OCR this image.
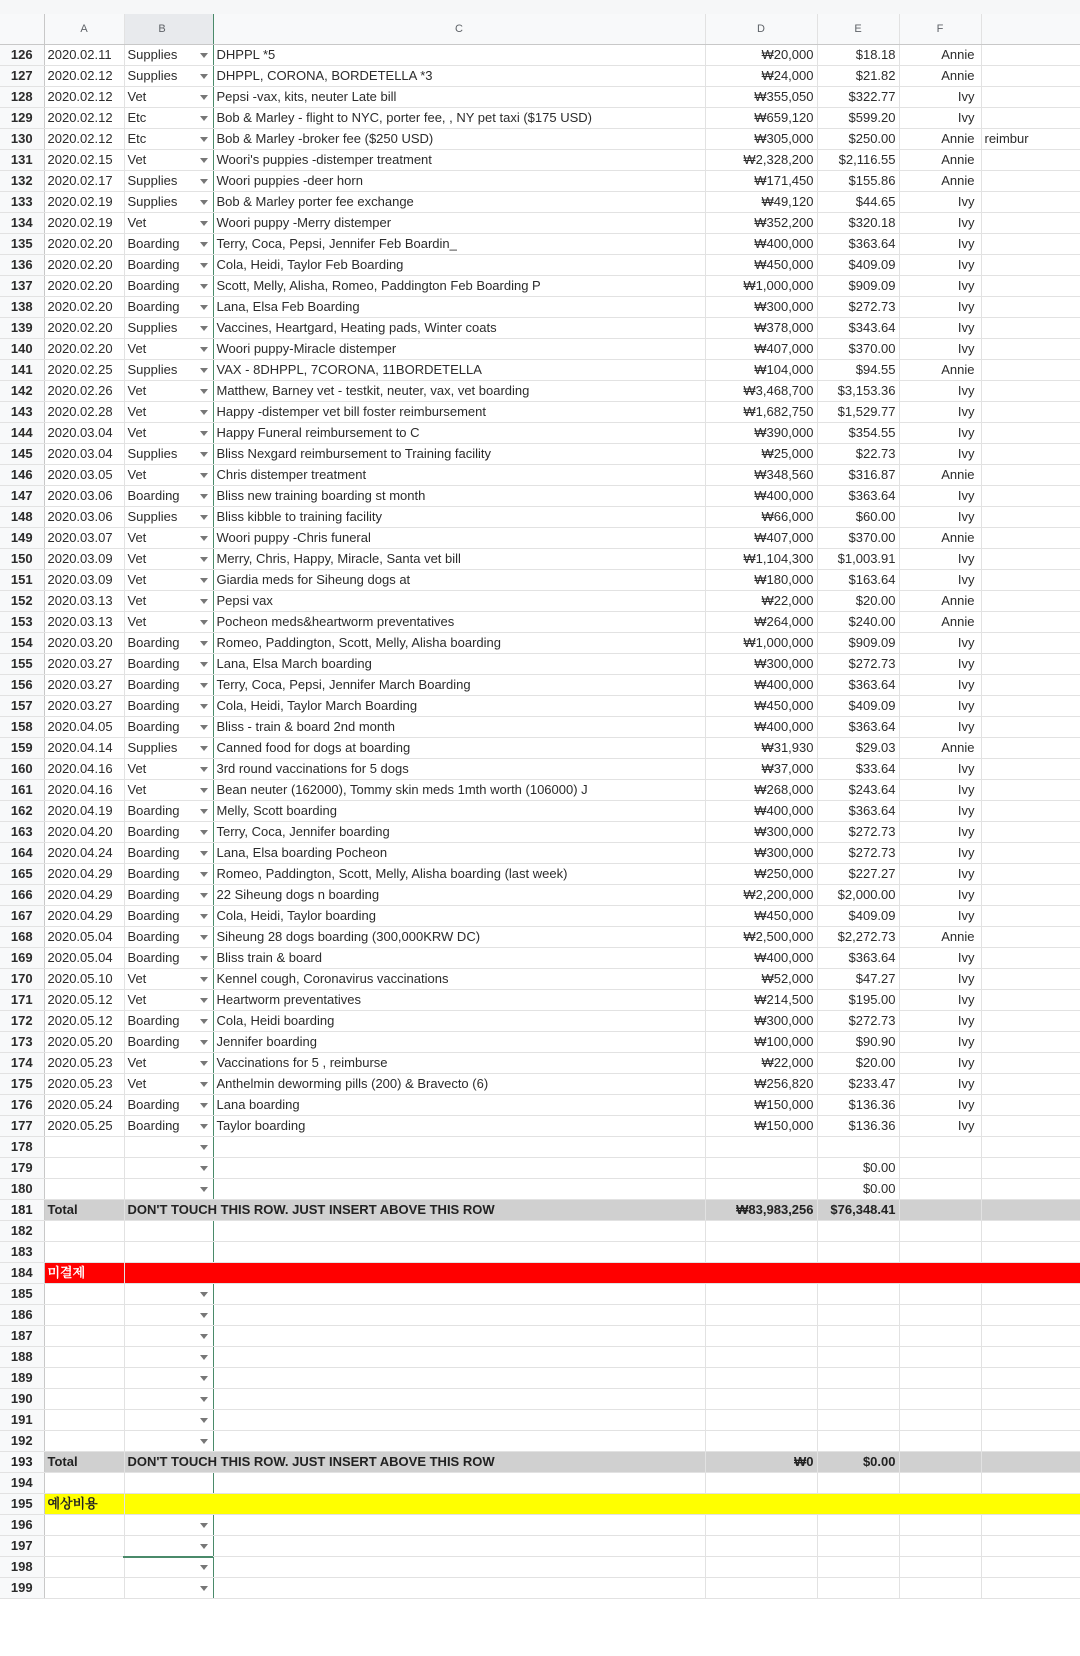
	A	B	C	D	E	F	
126	2020.02.11	Supplies	DHPPL *5	₩20,000	$18.18	Annie	
127	2020.02.12	Supplies	DHPPL, CORONA, BORDETELLA *3	₩24,000	$21.82	Annie	
128	2020.02.12	Vet	Pepsi -vax, kits, neuter Late bill	₩355,050	$322.77	Ivy	
129	2020.02.12	Etc	Bob & Marley - flight to NYC, porter fee, , NY pet taxi ($175 USD)	₩659,120	$599.20	Ivy	
130	2020.02.12	Etc	Bob & Marley -broker fee ($250 USD)	₩305,000	$250.00	Annie	reimbur
131	2020.02.15	Vet	Woori's puppies -distemper treatment	₩2,328,200	$2,116.55	Annie	
132	2020.02.17	Supplies	Woori puppies -deer horn	₩171,450	$155.86	Annie	
133	2020.02.19	Supplies	Bob & Marley porter fee exchange	₩49,120	$44.65	Ivy	
134	2020.02.19	Vet	Woori puppy -Merry distemper	₩352,200	$320.18	Ivy	
135	2020.02.20	Boarding	Terry, Coca, Pepsi, Jennifer Feb Boardin_	₩400,000	$363.64	Ivy	
136	2020.02.20	Boarding	Cola, Heidi, Taylor Feb Boarding	₩450,000	$409.09	Ivy	
137	2020.02.20	Boarding	Scott, Melly, Alisha, Romeo, Paddington Feb Boarding P	₩1,000,000	$909.09	Ivy	
138	2020.02.20	Boarding	Lana, Elsa Feb Boarding	₩300,000	$272.73	Ivy	
139	2020.02.20	Supplies	Vaccines, Heartgard, Heating pads, Winter coats	₩378,000	$343.64	Ivy	
140	2020.02.20	Vet	Woori puppy-Miracle distemper	₩407,000	$370.00	Ivy	
141	2020.02.25	Supplies	VAX - 8DHPPL, 7CORONA, 11BORDETELLA	₩104,000	$94.55	Annie	
142	2020.02.26	Vet	Matthew, Barney vet - testkit, neuter, vax, vet boarding	₩3,468,700	$3,153.36	Ivy	
143	2020.02.28	Vet	Happy -distemper vet bill foster reimbursement	₩1,682,750	$1,529.77	Ivy	
144	2020.03.04	Vet	Happy Funeral reimbursement to C	₩390,000	$354.55	Ivy	
145	2020.03.04	Supplies	Bliss Nexgard reimbursement to Training facility	₩25,000	$22.73	Ivy	
146	2020.03.05	Vet	Chris distemper treatment	₩348,560	$316.87	Annie	
147	2020.03.06	Boarding	Bliss new training boarding st month	₩400,000	$363.64	Ivy	
148	2020.03.06	Supplies	Bliss kibble to training facility	₩66,000	$60.00	Ivy	
149	2020.03.07	Vet	Woori puppy -Chris funeral	₩407,000	$370.00	Annie	
150	2020.03.09	Vet	Merry, Chris, Happy, Miracle, Santa vet bill	₩1,104,300	$1,003.91	Ivy	
151	2020.03.09	Vet	Giardia meds for Siheung dogs at	₩180,000	$163.64	Ivy	
152	2020.03.13	Vet	Pepsi vax	₩22,000	$20.00	Annie	
153	2020.03.13	Vet	Pocheon meds&heartworm preventatives	₩264,000	$240.00	Annie	
154	2020.03.20	Boarding	Romeo, Paddington, Scott, Melly, Alisha boarding	₩1,000,000	$909.09	Ivy	
155	2020.03.27	Boarding	Lana, Elsa March boarding	₩300,000	$272.73	Ivy	
156	2020.03.27	Boarding	Terry, Coca, Pepsi, Jennifer March Boarding	₩400,000	$363.64	Ivy	
157	2020.03.27	Boarding	Cola, Heidi, Taylor March Boarding	₩450,000	$409.09	Ivy	
158	2020.04.05	Boarding	Bliss - train & board 2nd month	₩400,000	$363.64	Ivy	
159	2020.04.14	Supplies	Canned food for dogs at boarding	₩31,930	$29.03	Annie	
160	2020.04.16	Vet	3rd round vaccinations for 5 dogs	₩37,000	$33.64	Ivy	
161	2020.04.16	Vet	Bean neuter (162000), Tommy skin meds 1mth worth (106000) J	₩268,000	$243.64	Ivy	
162	2020.04.19	Boarding	Melly, Scott boarding	₩400,000	$363.64	Ivy	
163	2020.04.20	Boarding	Terry, Coca, Jennifer boarding	₩300,000	$272.73	Ivy	
164	2020.04.24	Boarding	Lana, Elsa boarding Pocheon	₩300,000	$272.73	Ivy	
165	2020.04.29	Boarding	Romeo, Paddington, Scott, Melly, Alisha boarding (last week)	₩250,000	$227.27	Ivy	
166	2020.04.29	Boarding	22 Siheung dogs n boarding	₩2,200,000	$2,000.00	Ivy	
167	2020.04.29	Boarding	Cola, Heidi, Taylor boarding	₩450,000	$409.09	Ivy	
168	2020.05.04	Boarding	Siheung 28 dogs boarding (300,000KRW DC)	₩2,500,000	$2,272.73	Annie	
169	2020.05.04	Boarding	Bliss train & board	₩400,000	$363.64	Ivy	
170	2020.05.10	Vet	Kennel cough, Coronavirus vaccinations	₩52,000	$47.27	Ivy	
171	2020.05.12	Vet	Heartworm preventatives	₩214,500	$195.00	Ivy	
172	2020.05.12	Boarding	Cola, Heidi boarding	₩300,000	$272.73	Ivy	
173	2020.05.20	Boarding	Jennifer boarding	₩100,000	$90.90	Ivy	
174	2020.05.23	Vet	Vaccinations for 5 , reimburse	₩22,000	$20.00	Ivy	
175	2020.05.23	Vet	Anthelmin deworming pills (200) & Bravecto (6)	₩256,820	$233.47	Ivy	
176	2020.05.24	Boarding	Lana boarding	₩150,000	$136.36	Ivy	
177	2020.05.25	Boarding	Taylor boarding	₩150,000	$136.36	Ivy	
178		

179					$0.00		
180					$0.00		
181	Total	DON'T TOUCH THIS ROW. JUST INSERT ABOVE THIS ROW		₩83,983,256	$76,348.41		
182							
183							
184	미결제						
185		

186		

187		

188		

189		

190		

191		

192		

193	Total	DON'T TOUCH THIS ROW. JUST INSERT ABOVE THIS ROW		₩0	$0.00		
194							
195	예상비용						
196		

197		

198		

199		
